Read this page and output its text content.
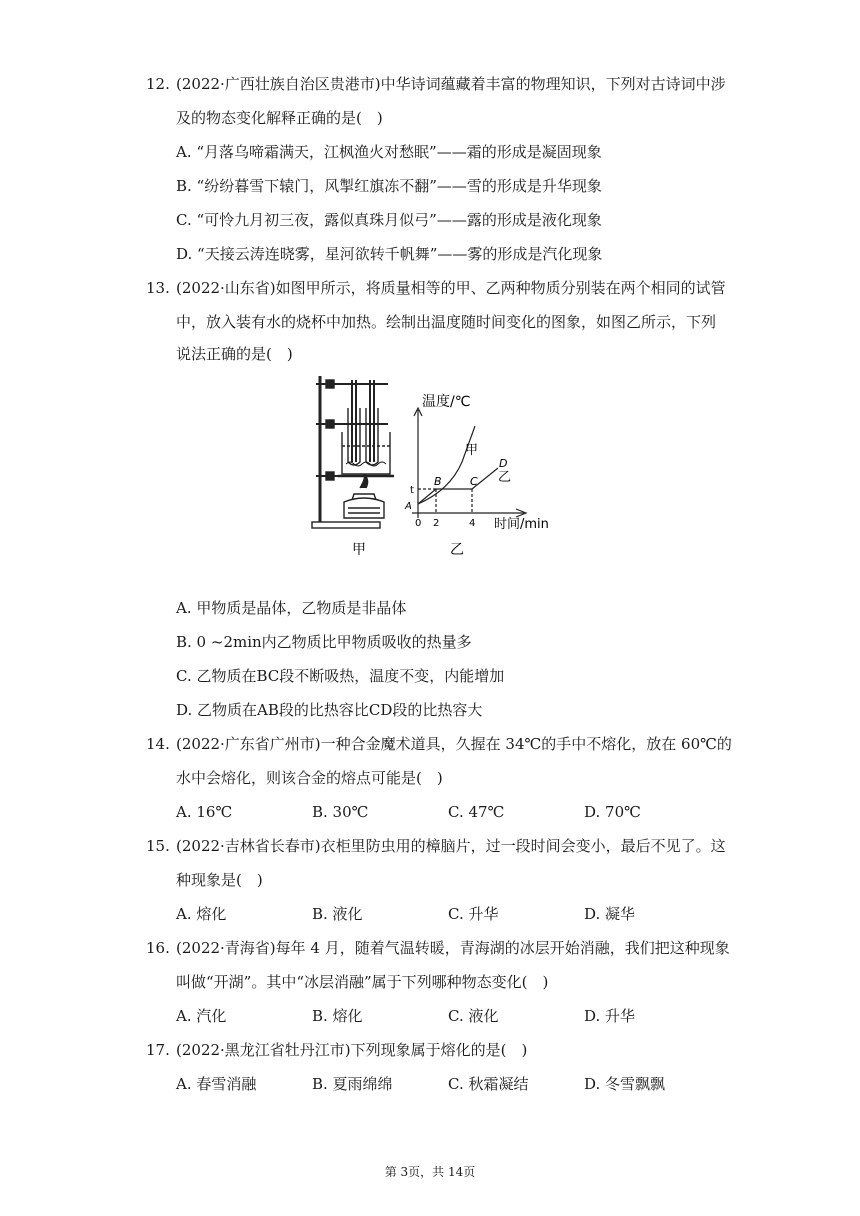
12. (2022·广西壮族自治区贵港市)中华诗词蕴藏着丰富的物理知识，下列对古诗词中涉
及的物态变化解释正确的是(　)
A. “月落乌啼霜满天，江枫渔火对愁眠”——霜的形成是凝固现象
B. “纷纷暮雪下辕门，风掣红旗冻不翻”——雪的形成是升华现象
C. “可怜九月初三夜，露似真珠月似弓”——露的形成是液化现象
D. “天接云涛连晓雾，星河欲转千帆舞”——雾的形成是汽化现象
13. (2022·山东省)如图甲所示，将质量相等的甲、乙两种物质分别装在两个相同的试管
中，放入装有水的烧杯中加热。绘制出温度随时间变化的图象，如图乙所示，下列
说法正确的是(　)
温度/℃
时间/min
甲
乙
A
B	C
D
t
0 2	4
甲	乙
A. 甲物质是晶体，乙物质是非晶体
B. 0 ~2min内乙物质比甲物质吸收的热量多
C. 乙物质在BC段不断吸热，温度不变，内能增加
D. 乙物质在AB段的比热容比CD段的比热容大
14. (2022·广东省广州市)一种合金魔术道具，久握在 34℃的手中不熔化，放在 60℃的
水中会熔化，则该合金的熔点可能是(　)
A. 16℃	B. 30℃	C. 47℃	D. 70℃
15. (2022·吉林省长春市)衣柜里防虫用的樟脑片，过一段时间会变小，最后不见了。这
种现象是(　)
A. 熔化	B. 液化	C. 升华	D. 凝华
16. (2022·青海省)每年 4 月，随着气温转暖，青海湖的冰层开始消融，我们把这种现象
叫做“开湖”。其中“冰层消融”属于下列哪种物态变化(　)
A. 汽化	B. 熔化	C. 液化	D. 升华
17. (2022·黑龙江省牡丹江市)下列现象属于熔化的是(　)
A. 春雪消融	B. 夏雨绵绵	C. 秋霜凝结	D. 冬雪飘飘
第 3页，共 14页
